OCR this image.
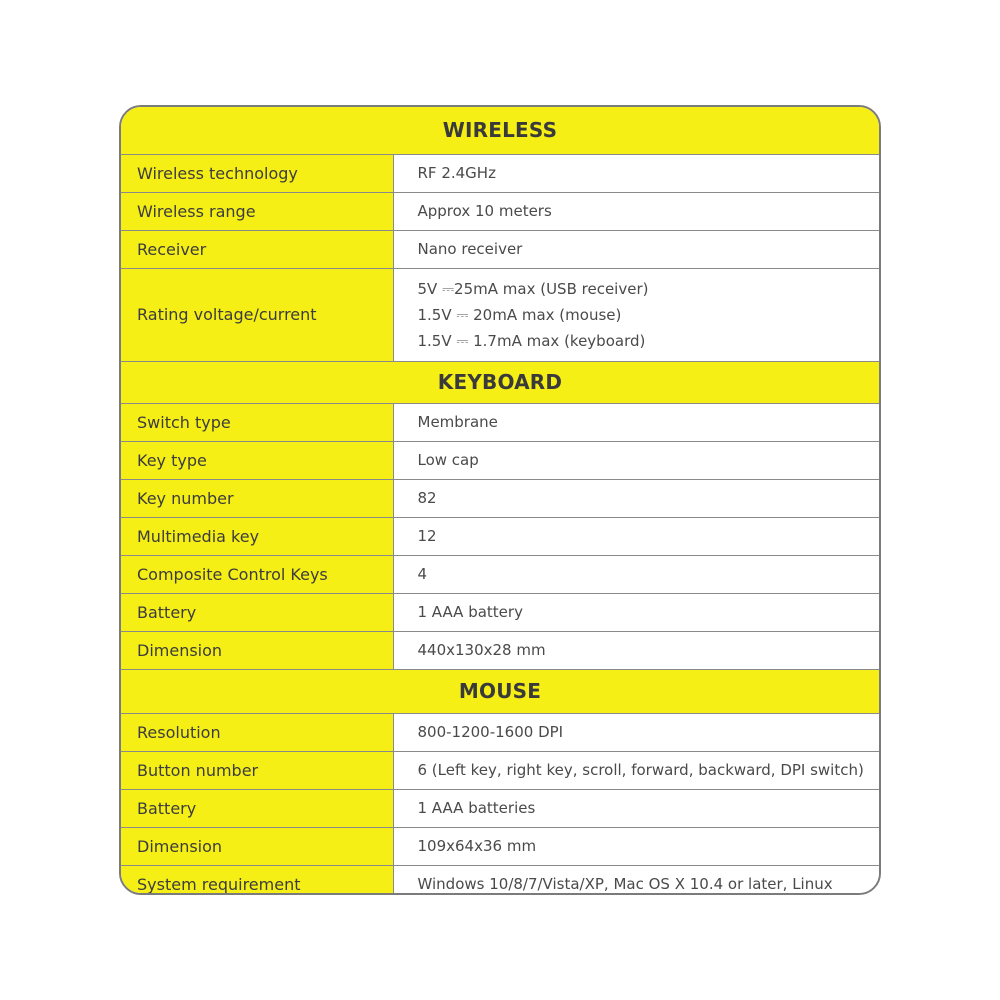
WIRELESS	
Wireless technology	RF 2.4GHz

Wireless range	Approx 10 meters

Receiver	Nano receiver

Rating voltage/current	5V ⎓25mA max (USB receiver)
1.5V ⎓ 20mA max (mouse)
1.5V ⎓ 1.7mA max (keyboard)

KEYBOARD	
Switch type	Membrane

Key type	Low cap

Key number	82

Multimedia key	12

Composite Control Keys	4

Battery	1 AAA battery

Dimension	440x130x28 mm

MOUSE	
Resolution	800-1200-1600 DPI

Button number	6 (Left key, right key, scroll, forward, backward, DPI switch)

Battery	1 AAA batteries

Dimension	109x64x36 mm

System requirement	Windows 10/8/7/Vista/XP, Mac OS X 10.4 or later, Linux
